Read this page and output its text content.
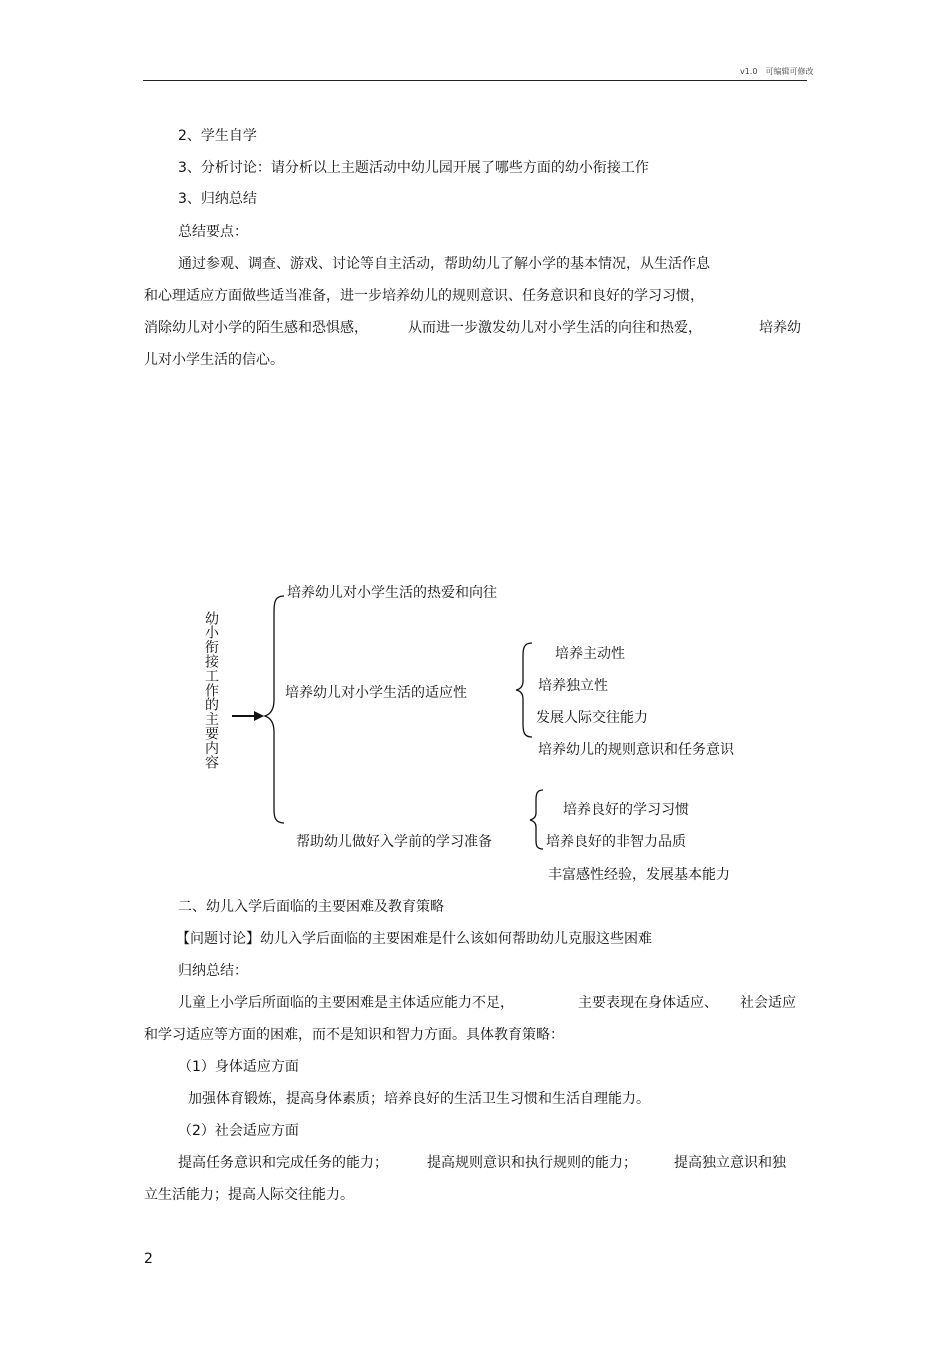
v1.0　可编辑可修改
2、学生自学
3、分析讨论：请分析以上主题活动中幼儿园开展了哪些方面的幼小衔接工作
3、归纳总结
总结要点：
通过参观、调查、游戏、讨论等自主活动，帮助幼儿了解小学的基本情况，从生活作息
和心理适应方面做些适当准备，进一步培养幼儿的规则意识、任务意识和良好的学习习惯，
消除幼儿对小学的陌生感和恐惧感，	从而进一步激发幼儿对小学生活的向往和热爱，	培养幼
儿对小学生活的信心。
幼小衔接工作的主要内容
培养幼儿对小学生活的热爱和向往
培养幼儿对小学生活的适应性
培养主动性
培养独立性
发展人际交往能力
培养幼儿的规则意识和任务意识
帮助幼儿做好入学前的学习准备
培养良好的学习习惯
培养良好的非智力品质
丰富感性经验，发展基本能力
二、幼儿入学后面临的主要困难及教育策略
【问题讨论】幼儿入学后面临的主要困难是什么该如何帮助幼儿克服这些困难
归纳总结：
儿童上小学后所面临的主要困难是主体适应能力不足，	主要表现在身体适应、 社会适应
和学习适应等方面的困难，而不是知识和智力方面。具体教育策略：
（1）身体适应方面
加强体育锻炼，提高身体素质；培养良好的生活卫生习惯和生活自理能力。
（2）社会适应方面
提高任务意识和完成任务的能力；	提高规则意识和执行规则的能力；	提高独立意识和独
立生活能力；提高人际交往能力。
2
